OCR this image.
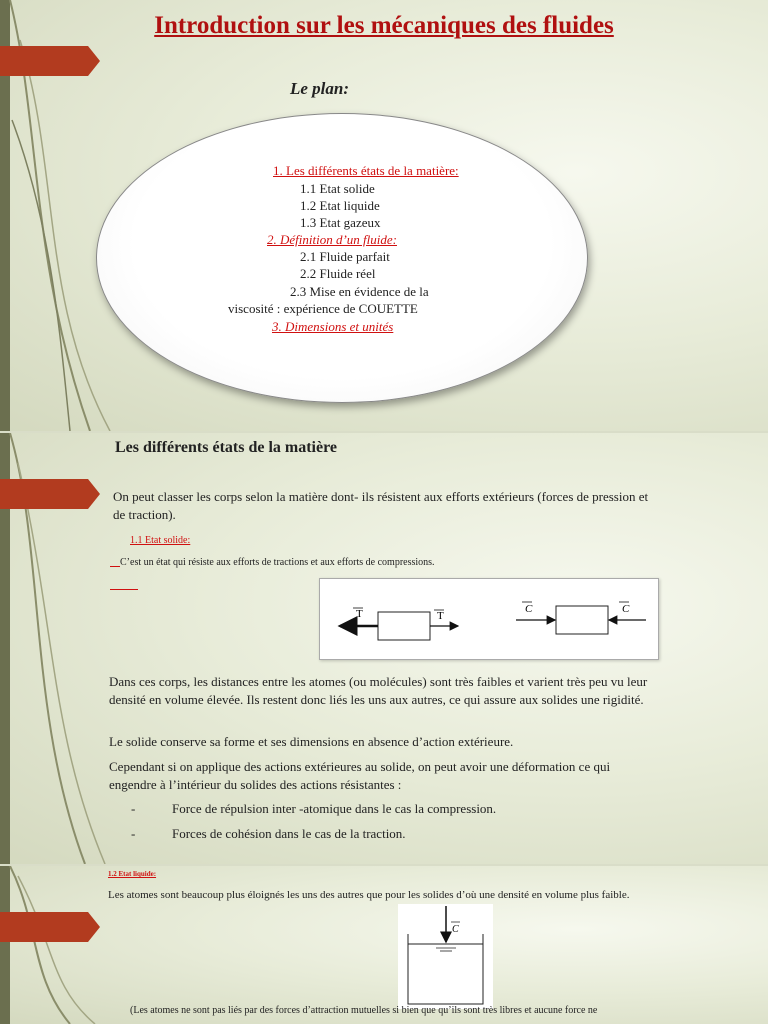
Introduction sur les mécaniques des fluides
Le plan:
1. Les différents états de la matière:
1.1 Etat solide
1.2 Etat liquide
1.3 Etat gazeux
2. Définition d’un fluide:
2.1 Fluide parfait
2.2 Fluide réel
2.3 Mise en évidence de la
viscosité : expérience de COUETTE
3. Dimensions et unités
Les différents états de la matière
On peut classer les corps selon la matière dont- ils résistent aux efforts extérieurs (forces de pression et de traction).
1.1 Etat solide:
 C’est un état qui résiste aux efforts de tractions et aux efforts de compressions.
T	T
C	C
Dans ces corps, les distances entre les atomes (ou molécules) sont très faibles et varient très peu vu leur densité en volume élevée. Ils restent donc liés les uns aux autres, ce qui assure aux solides une rigidité.
Le solide conserve sa forme et ses dimensions en absence d’action extérieure.
Cependant si on applique des actions extérieures au solide, on peut avoir une déformation ce qui engendre à l’intérieur du solides des actions résistantes :
-	Force de répulsion inter -atomique dans le cas la compression.
-	Forces de cohésion dans le cas de la traction.
1.2 Etat liquide:
Les atomes sont beaucoup plus éloignés les uns des autres que pour les solides d’où une densité en volume plus faible.
C
(Les atomes ne sont pas liés par des forces d’attraction mutuelles si bien que qu’ils sont très libres et aucune force ne
